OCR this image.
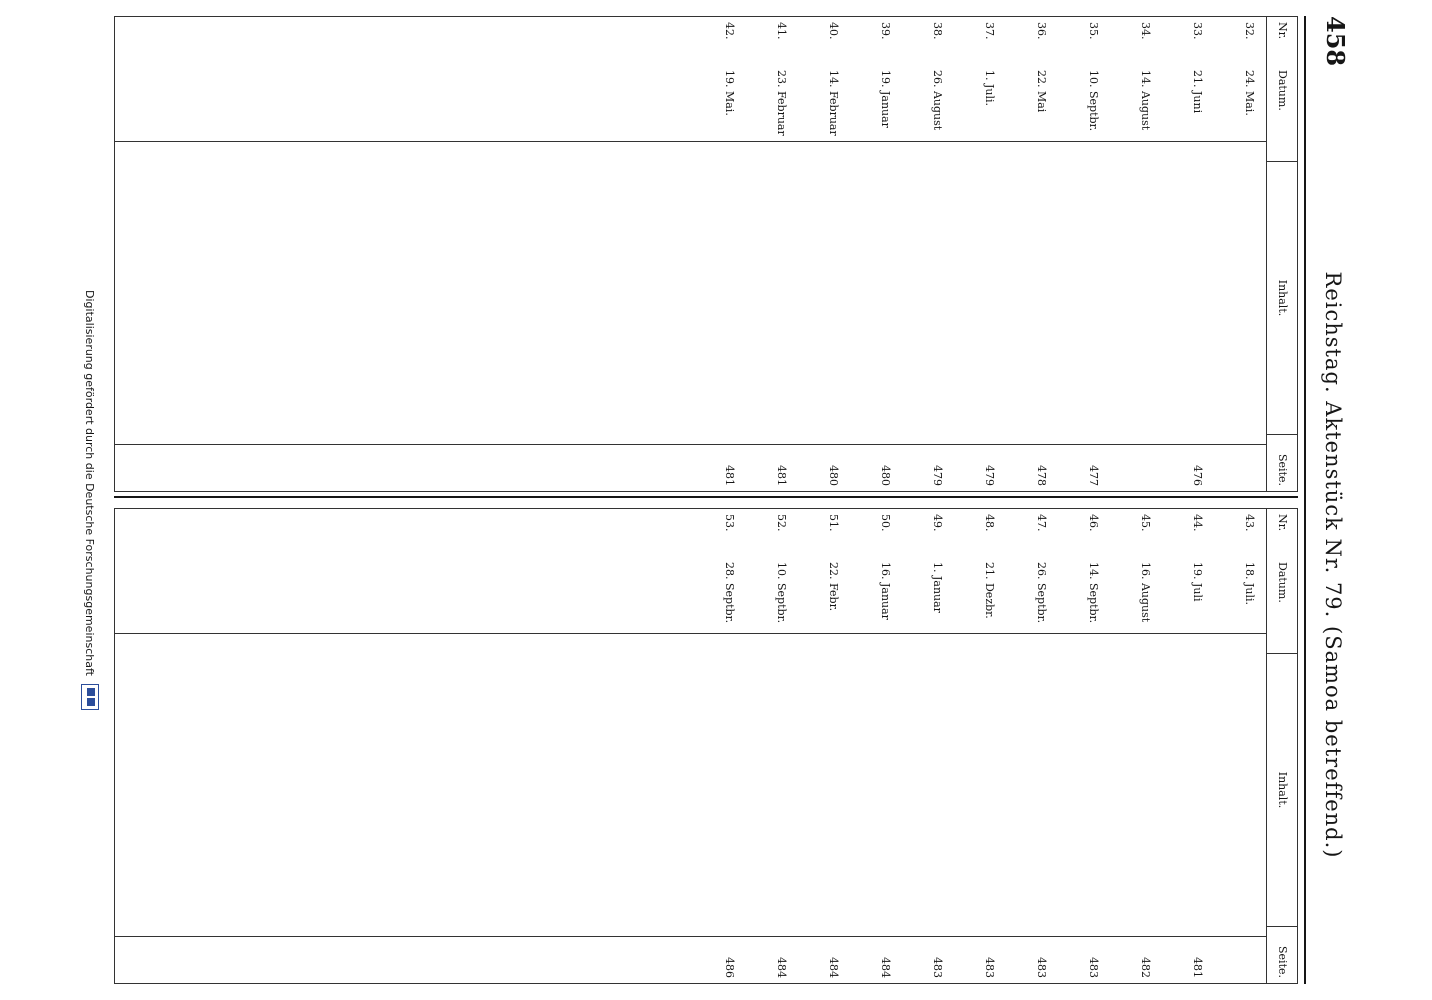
458
Reichstag. Aktenstück Nr. 79. (Samoa betreffend.)
Nr.
Datum.
Inhalt.
Seite.
32.
24. Mai.
33.
21. Juni
476
34.
14. August
35.
10. Septbr.
477
36.
22. Mai
478
37.
1. Juli.
479
38.
26. August
479
39.
19. Januar
480
40.
14. Februar
480
41.
23. Februar
481
42.
19. Mai.
481
Nr.
Datum.
Inhalt.
Seite.
43.
18. Juli.
44.
19. Juli
481
45.
16. August
482
46.
14. Septbr.
483
47.
26. Septbr.
483
48.
21. Dezbr.
483
49.
1. Januar
483
50.
16. Januar
484
51.
22. Febr.
484
52.
10. Septbr.
484
53.
28. Septbr.
486
Digitalisierung gefördert durch die Deutsche Forschungsgemeinschaft
